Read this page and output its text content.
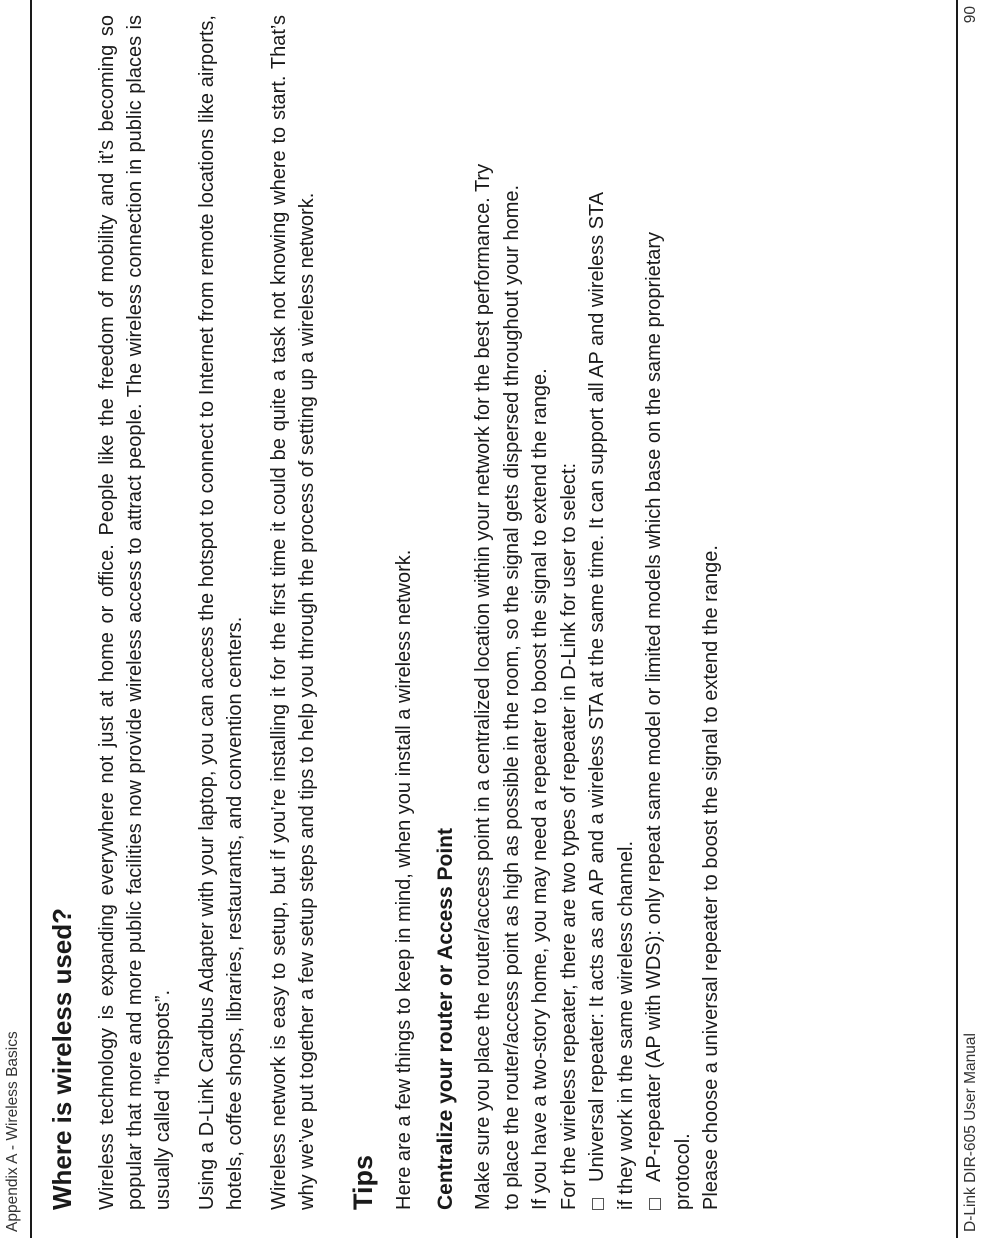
Appendix A - Wireless Basics Where is wireless used? Wireless technology is expanding everywhere not just at home or office. People like the freedom of mobility and it’s becoming so popular that more and more public facilities now provide wireless access to attract people. The wireless connection in public places is usually called “hotspots”. Using a D-Link Cardbus Adapter with your laptop, you can access the hotspot to connect to Internet from remote locations like airports, hotels, coffee shops, libraries, restaurants, and convention centers. Wireless network is easy to setup, but if you’re installing it for the first time it could be quite a task not knowing where to start. That’s why we’ve put together a few setup steps and tips to help you through the process of setting up a wireless network. Tips Here are a few things to keep in mind, when you install a wireless network. Centralize your router or Access Point Make sure you place the router/access point in a centralized location within your network for the best performance. Try to place the router/access point as high as possible in the room, so the signal gets dispersed throughout your home. If you have a two-story home, you may need a repeater to boost the signal to extend the range. For the wireless repeater, there are two types of repeater in D-Link for user to select: Universal repeater: It acts as an AP and a wireless STA at the same time. It can support all AP and wireless STA if they work in the same wireless channel. AP-repeater (AP with WDS): only repeat same model or limited models which base on the same proprietary protocol. Please choose a universal repeater to boost the signal to extend the range.	D-Link DIR-605 User Manual
90
